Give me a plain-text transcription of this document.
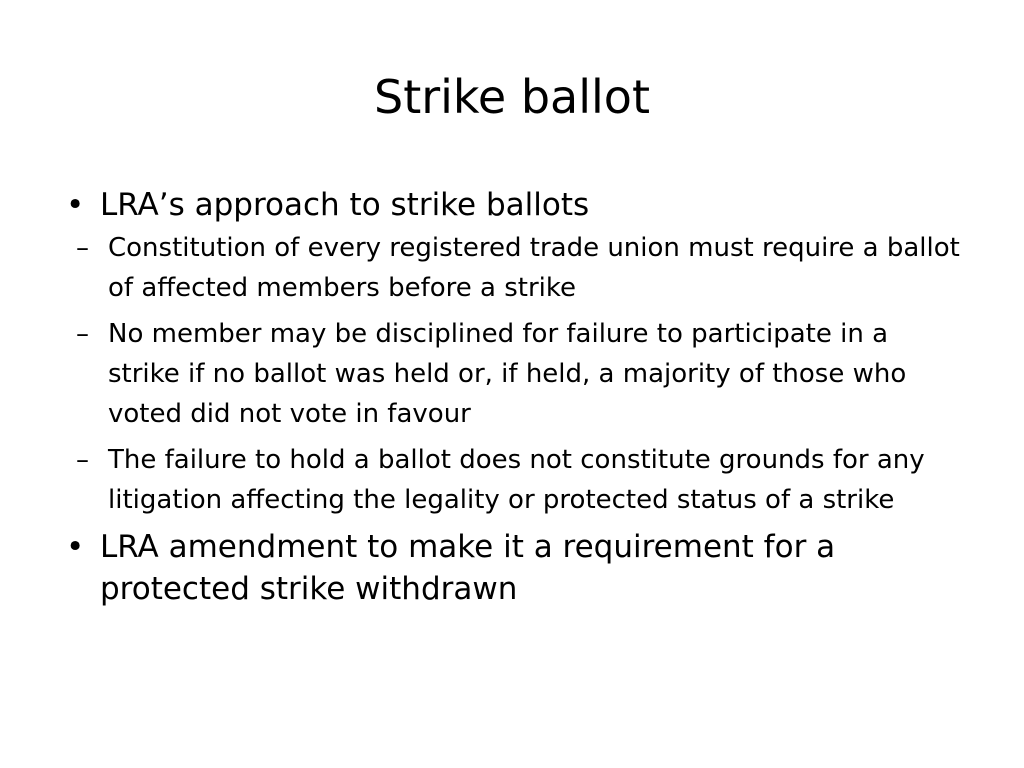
Strike ballot
• LRA’s approach to strike ballots
– Constitution of every registered trade union must require a ballot of affected members before a strike
– No member may be disciplined for failure to participate in a strike if no ballot was held or, if held, a majority of those who voted did not vote in favour
– The failure to hold a ballot does not constitute grounds for any litigation affecting the legality or protected status of a strike
• LRA amendment to make it a requirement for a protected strike withdrawn
